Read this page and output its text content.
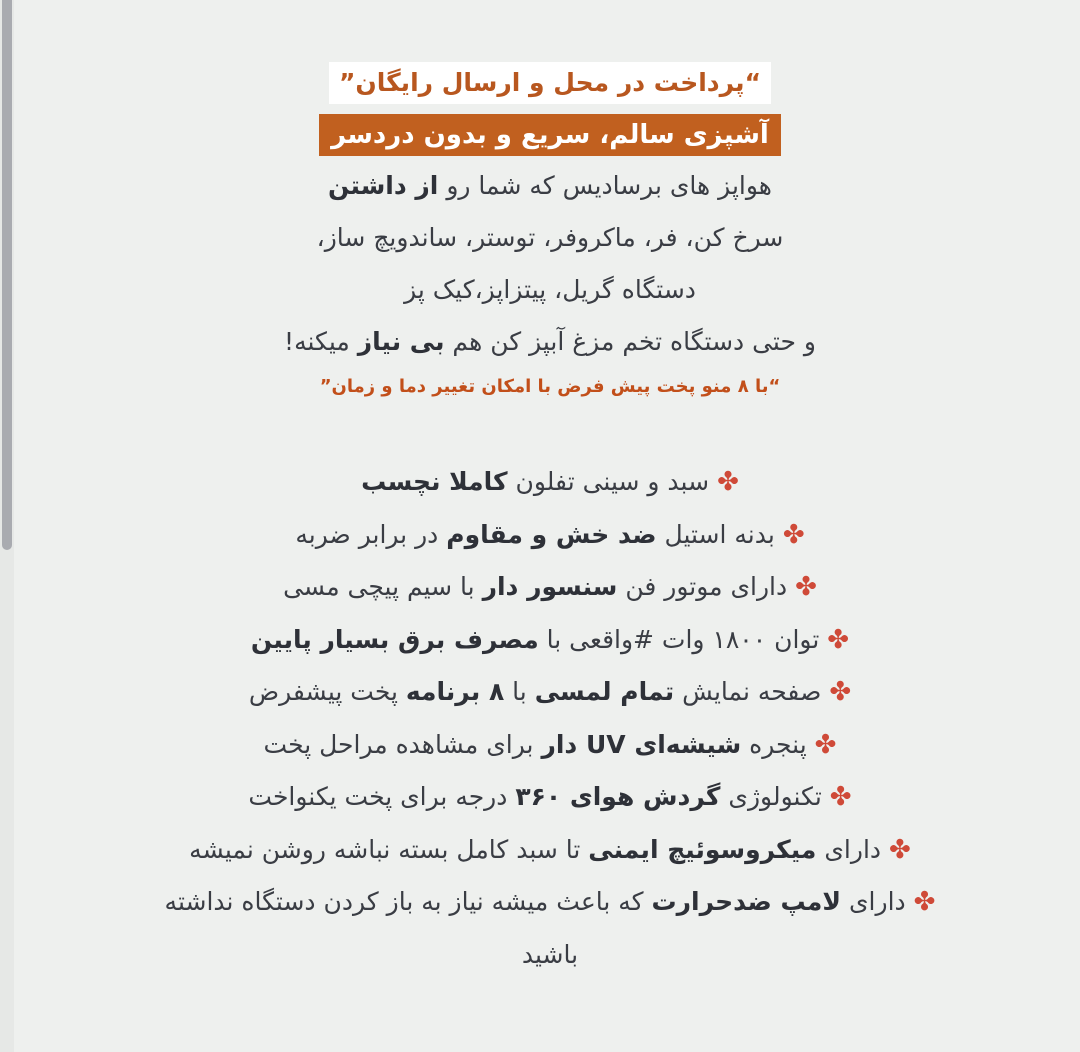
“پرداخت در محل و ارسال رایگان”
آشپزی سالم، سریع و بدون دردسر
هواپز های برسادیس که شما رو از داشتن
سرخ کن، فر، ماکروفر، توستر، ساندویچ ساز،
دستگاه گریل، پیتزاپز،کیک پز
و حتی دستگاه تخم مزغ آبپز کن هم بی نیاز میکنه!
“با ۸ منو پخت پیش فرض با امکان تغییر دما و زمان”
✤سبد و سینی تفلون کاملا نچسب
✤بدنه استیل ضد خش و مقاوم در برابر ضربه
✤دارای موتور فن سنسور دار با سیم پیچی مسی
✤توان ۱۸۰۰ وات #واقعی با مصرف برق بسیار پایین
✤صفحه نمایش تمام لمسی با ۸ برنامه پخت پیشفرض
✤پنجره شیشه‌ای UV دار برای مشاهده مراحل پخت
✤تکنولوژی گردش هوای ۳۶۰ درجه برای پخت یکنواخت
✤دارای میکروسوئیچ ایمنی تا سبد کامل بسته نباشه روشن نمیشه
✤دارای لامپ ضدحرارت که باعث میشه نیاز به باز کردن دستگاه نداشته
باشید
